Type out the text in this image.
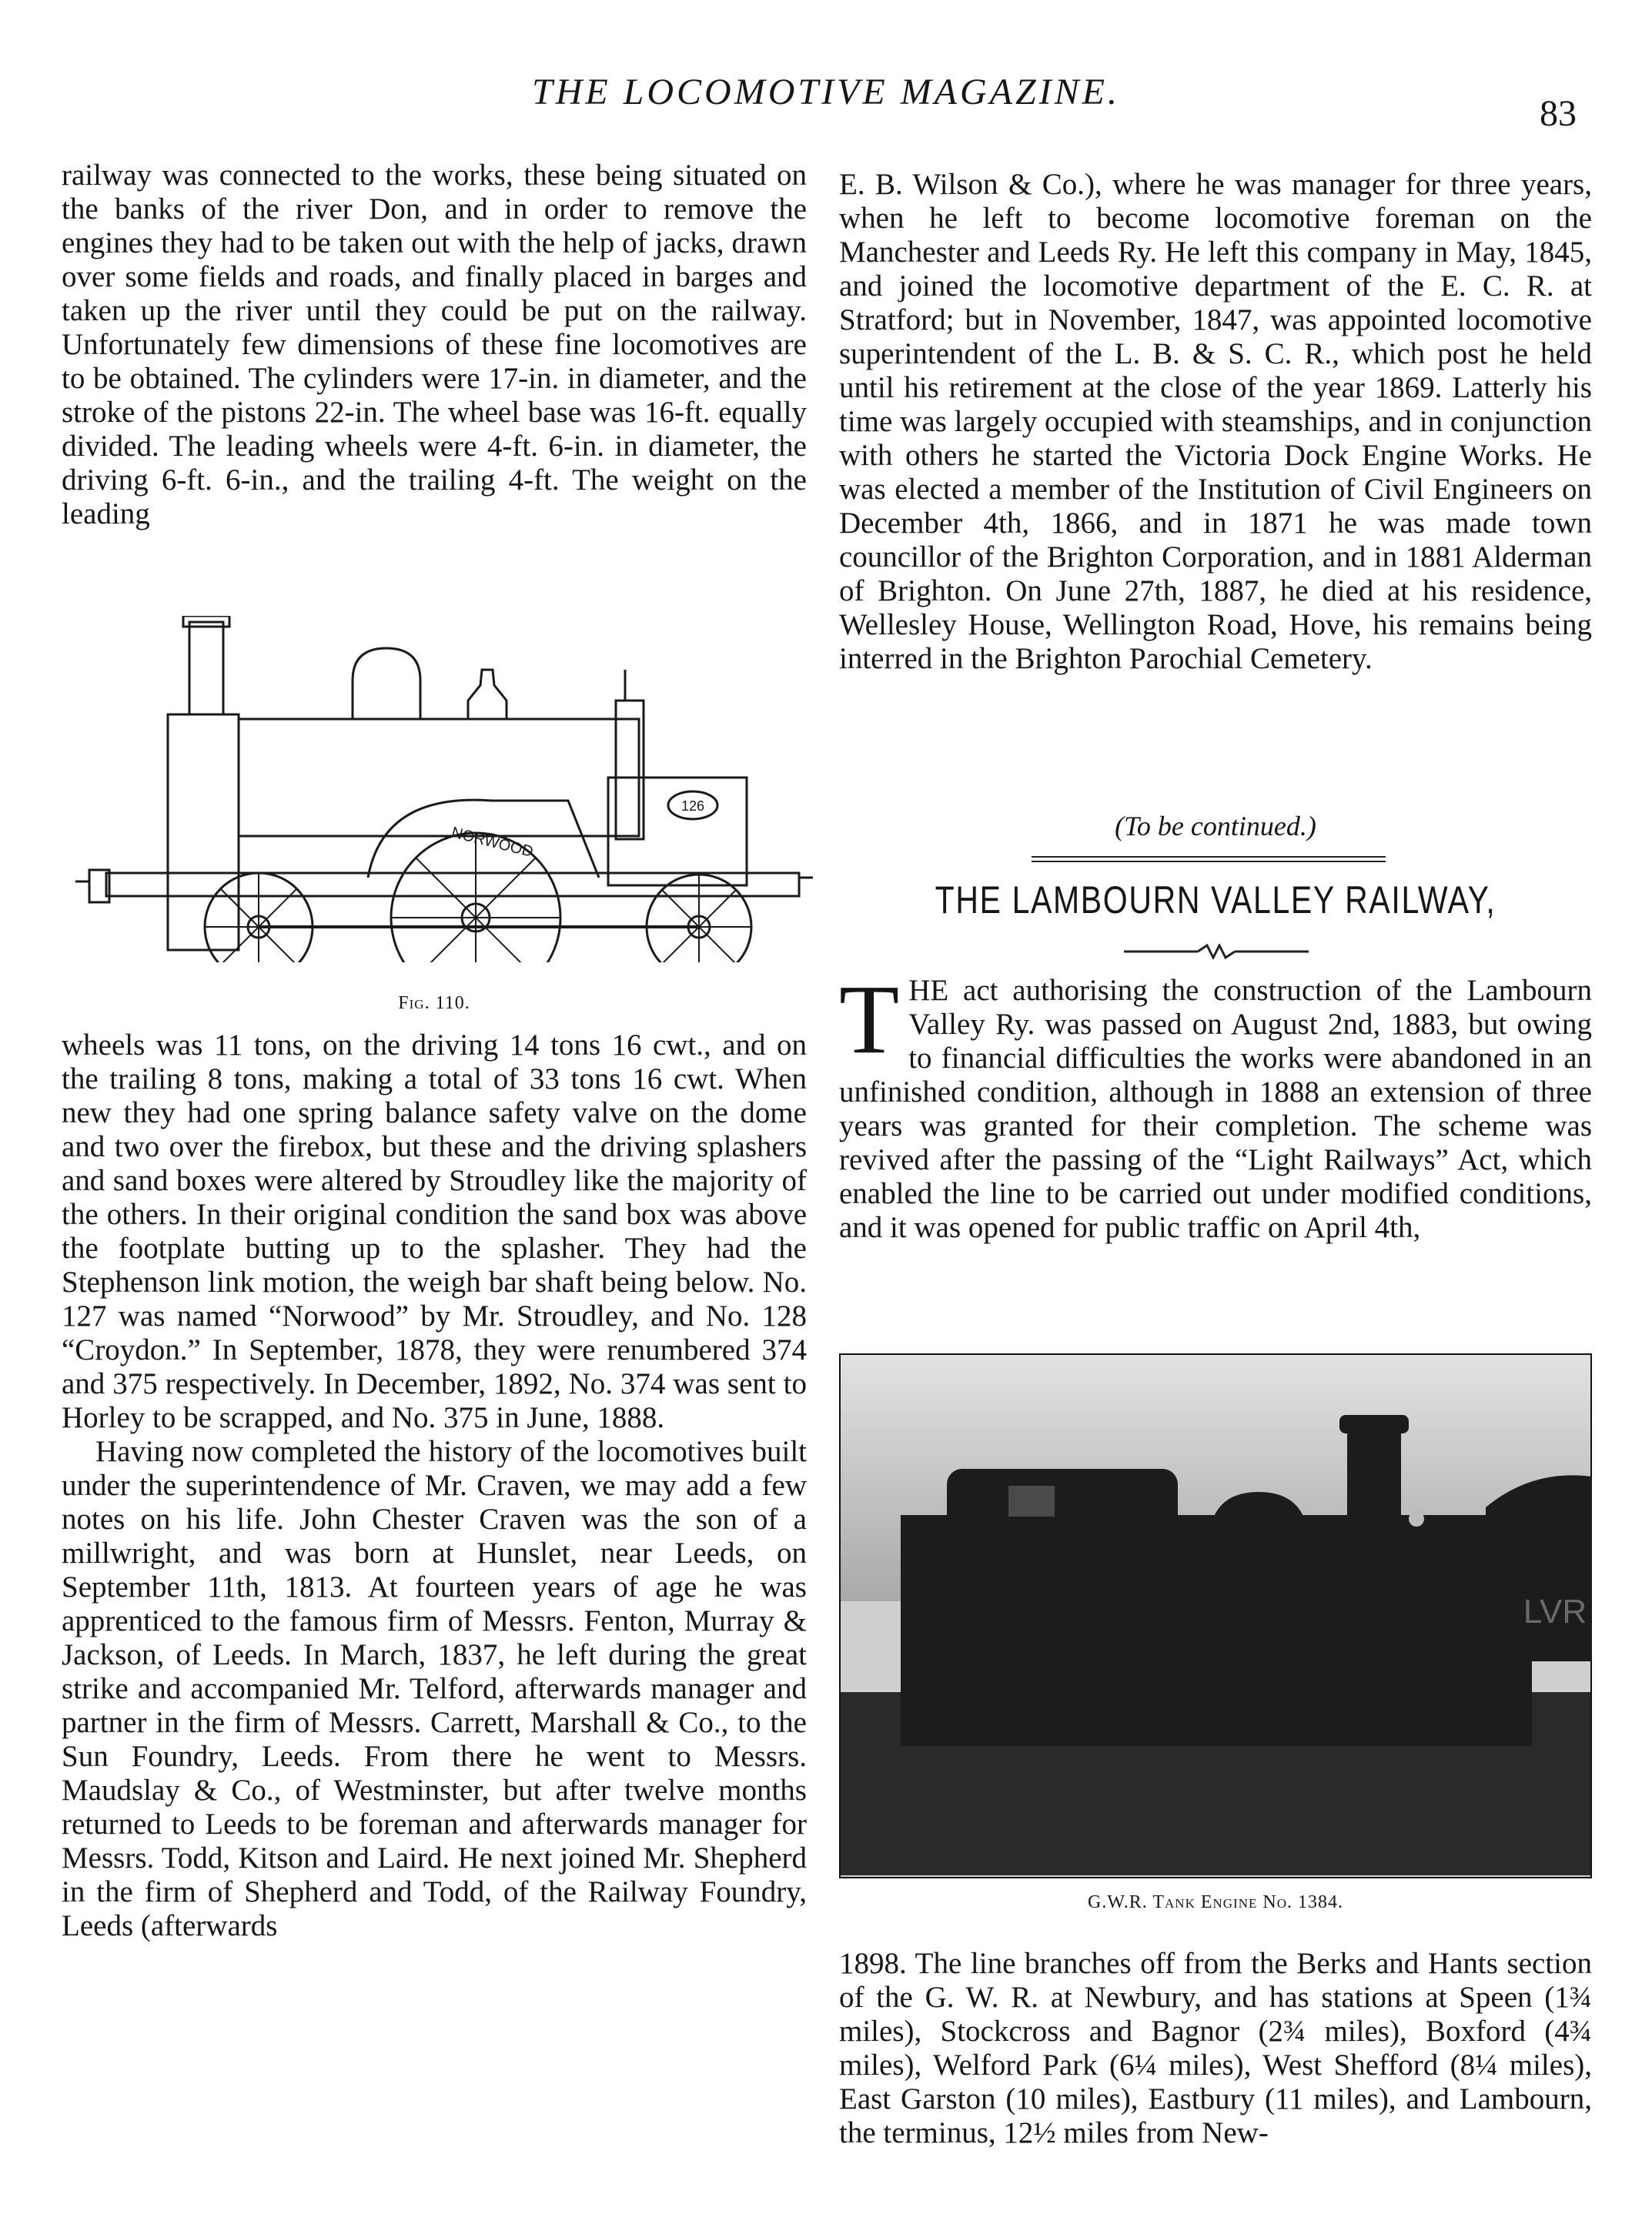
THE LOCOMOTIVE MAGAZINE.
83

railway was connected to the works, these being situated on the banks of the river Don, and in order to remove the engines they had to be taken out with the help of jacks, drawn over some fields and roads, and finally placed in barges and taken up the river until they could be put on the railway. Unfortunately few dimensions of these fine locomotives are to be obtained. The cylinders were 17-in. in diameter, and the stroke of the pistons 22-in. The wheel base was 16-ft. equally divided. The leading wheels were 4-ft. 6-in. in diameter, the driving 6-ft. 6-in., and the trailing 4-ft. The weight on the leading

NORWOOD
126
Fig. 110.

wheels was 11 tons, on the driving 14 tons 16 cwt., and on the trailing 8 tons, making a total of 33 tons 16 cwt. When new they had one spring balance safety valve on the dome and two over the firebox, but these and the driving splashers and sand boxes were altered by Stroudley like the majority of the others. In their original condition the sand box was above the footplate butting up to the splasher. They had the Stephenson link motion, the weigh bar shaft being below. No. 127 was named “Norwood” by Mr. Stroudley, and No. 128 “Croydon.” In September, 1878, they were renumbered 374 and 375 respectively. In December, 1892, No. 374 was sent to Horley to be scrapped, and No. 375 in June, 1888.

Having now completed the history of the locomotives built under the superintendence of Mr. Craven, we may add a few notes on his life. John Chester Craven was the son of a millwright, and was born at Hunslet, near Leeds, on September 11th, 1813. At fourteen years of age he was apprenticed to the famous firm of Messrs. Fenton, Murray & Jackson, of Leeds. In March, 1837, he left during the great strike and accompanied Mr. Telford, afterwards manager and partner in the firm of Messrs. Carrett, Marshall & Co., to the Sun Foundry, Leeds. From there he went to Messrs. Maudslay & Co., of Westminster, but after twelve months returned to Leeds to be foreman and afterwards manager for Messrs. Todd, Kitson and Laird. He next joined Mr. Shepherd in the firm of Shepherd and Todd, of the Railway Foundry, Leeds (afterwards

E. B. Wilson & Co.), where he was manager for three years, when he left to become locomotive foreman on the Manchester and Leeds Ry. He left this company in May, 1845, and joined the locomotive department of the E. C. R. at Stratford; but in November, 1847, was appointed locomotive superintendent of the L. B. & S. C. R., which post he held until his retirement at the close of the year 1869. Latterly his time was largely occupied with steamships, and in conjunction with others he started the Victoria Dock Engine Works. He was elected a member of the Institution of Civil Engineers on December 4th, 1866, and in 1871 he was made town councillor of the Brighton Corporation, and in 1881 Alderman of Brighton. On June 27th, 1887, he died at his residence, Wellesley House, Wellington Road, Hove, his remains being interred in the Brighton Parochial Cemetery.

(To be continued.)
THE LAMBOURN VALLEY RAILWAY,
T HE act authorising the construction of the Lambourn Valley Ry. was passed on August 2nd, 1883, but owing to financial difficulties the works were abandoned in an unfinished condition, although in 1888 an extension of three years was granted for their completion. The scheme was revived after the passing of the “Light Railways” Act, which enabled the line to be carried out under modified conditions, and it was opened for public traffic on April 4th,

LVR
G.W.R. Tank Engine No. 1384.

1898. The line branches off from the Berks and Hants section of the G. W. R. at Newbury, and has stations at Speen (1¾ miles), Stockcross and Bagnor (2¾ miles), Boxford (4¾ miles), Welford Park (6¼ miles), West Shefford (8¼ miles), East Garston (10 miles), Eastbury (11 miles), and Lambourn, the terminus, 12½ miles from New-
